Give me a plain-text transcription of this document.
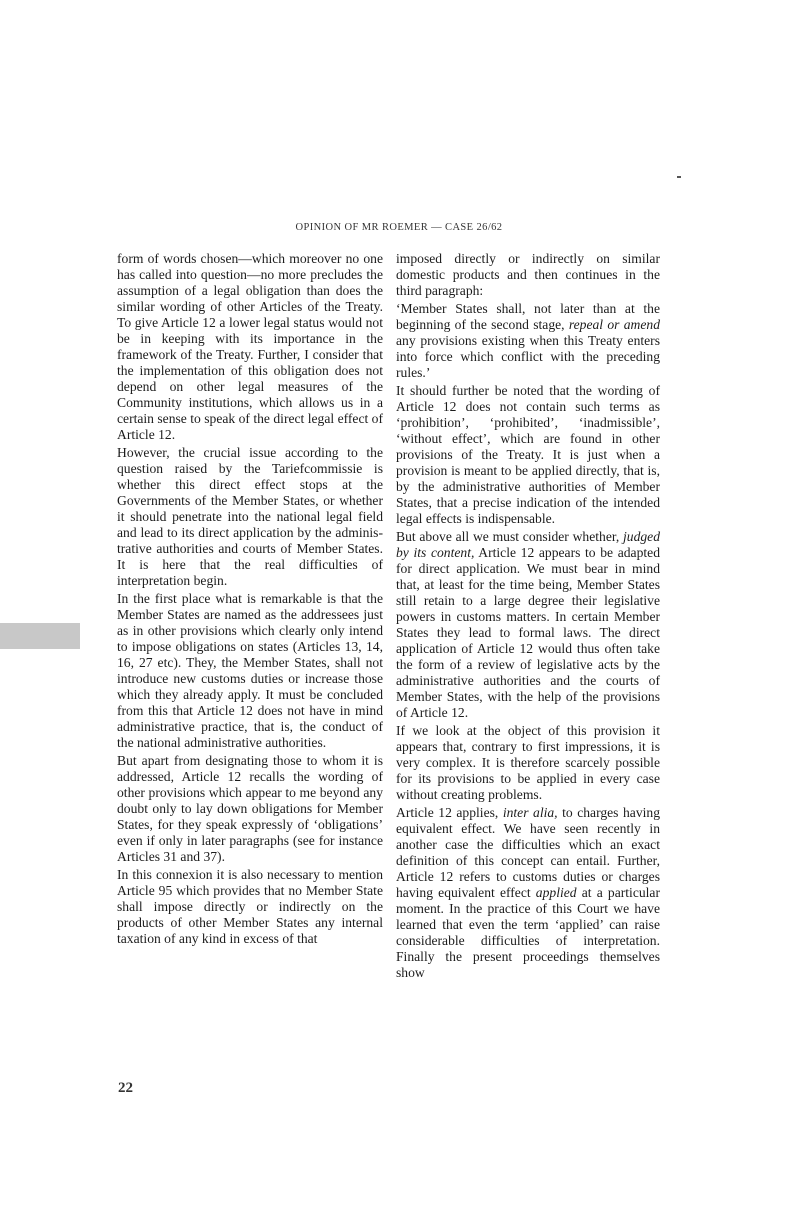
OPINION OF MR ROEMER — CASE 26/62

form of words chosen—which moreover no one has called into question—no more precludes the assumption of a legal obligation than does the similar wording of other Articles of the Treaty. To give Article 12 a lower legal status would not be in keeping with its importance in the framework of the Treaty. Further, I consider that the implementation of this obligation does not depend on other legal measures of the Community institutions, which allows us in a certain sense to speak of the direct legal effect of Article 12.

However, the crucial issue according to the question raised by the Tariefcommissie is whether this direct effect stops at the Governments of the Member States, or whether it should penetrate into the national legal field and lead to its direct application by the administrative authorities and courts of Member States. It is here that the real difficulties of interpretation begin.

In the first place what is remarkable is that the Member States are named as the addressees just as in other provisions which clearly only intend to impose obligations on states (Articles 13, 14, 16, 27 etc). They, the Member States, shall not introduce new customs duties or increase those which they already apply. It must be concluded from this that Article 12 does not have in mind administrative practice, that is, the conduct of the national administrative authorities.

But apart from designating those to whom it is addressed, Article 12 recalls the wording of other provisions which appear to me beyond any doubt only to lay down obligations for Member States, for they speak expressly of ‘obligations’ even if only in later paragraphs (see for instance Articles 31 and 37).

In this connexion it is also necessary to mention Article 95 which provides that no Member State shall impose directly or indirectly on the products of other Member States any internal taxation of any kind in excess of that

imposed directly or indirectly on similar domestic products and then continues in the third paragraph:

‘Member States shall, not later than at the beginning of the second stage, repeal or amend any provisions existing when this Treaty enters into force which conflict with the preceding rules.’

It should further be noted that the wording of Article 12 does not contain such terms as ‘prohibition’, ‘prohibited’, ‘inadmissible’, ‘without effect’, which are found in other provisions of the Treaty. It is just when a provision is meant to be applied directly, that is, by the administrative authorities of Member States, that a precise indication of the intended legal effects is indispensable.

But above all we must consider whether, judged by its content, Article 12 appears to be adapted for direct application. We must bear in mind that, at least for the time being, Member States still retain to a large degree their legislative powers in customs matters. In certain Member States they lead to formal laws. The direct application of Article 12 would thus often take the form of a review of legislative acts by the administrative authorities and the courts of Member States, with the help of the provisions of Article 12.

If we look at the object of this provision it appears that, contrary to first impressions, it is very complex. It is therefore scarcely possible for its provisions to be applied in every case without creating problems.

Article 12 applies, inter alia, to charges having equivalent effect. We have seen recently in another case the difficulties which an exact definition of this concept can entail. Further, Article 12 refers to customs duties or charges having equivalent effect applied at a particular moment. In the practice of this Court we have learned that even the term ‘applied’ can raise considerable difficulties of interpretation. Finally the present proceedings themselves show

22
